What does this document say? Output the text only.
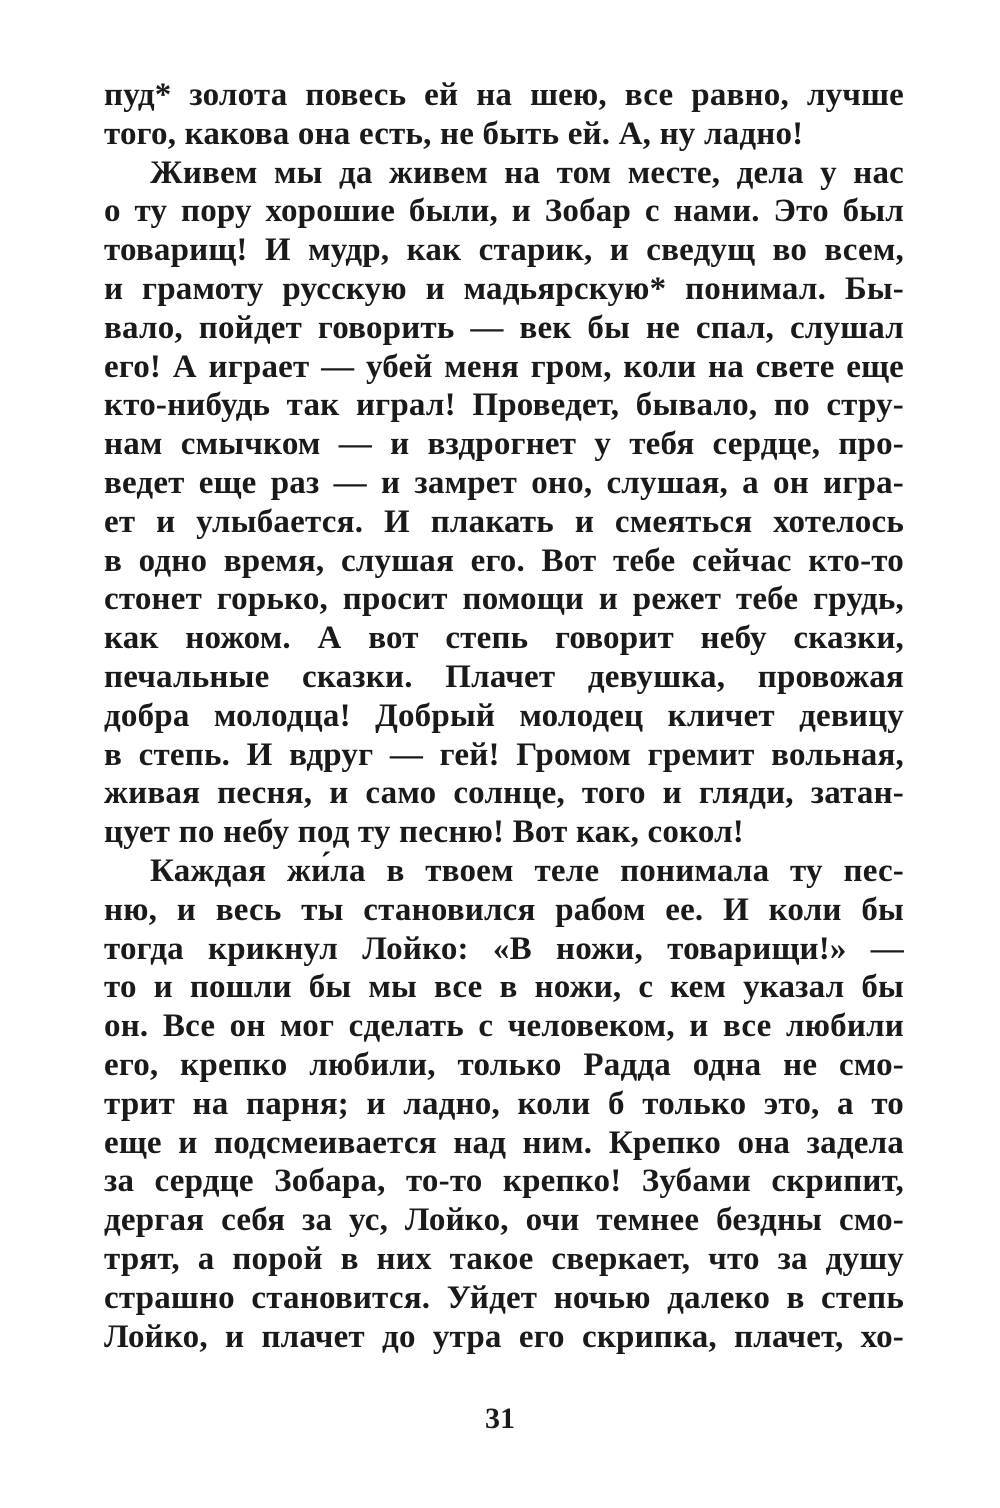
пуд* золота повесь ей на шею, все равно, лучше
того, какова она есть, не быть ей. А, ну ладно!
Живем мы да живем на том месте, дела у нас
о ту пору хорошие были, и Зобар с нами. Это был
товарищ! И мудр, как старик, и сведущ во всем,
и грамоту русскую и мадьярскую* понимал. Бы-
вало, пойдет говорить — век бы не спал, слушал
его! А играет — убей меня гром, коли на свете еще
кто-нибудь так играл! Проведет, бывало, по стру-
нам смычком — и вздрогнет у тебя сердце, про-
ведет еще раз — и замрет оно, слушая, а он игра-
ет и улыбается. И плакать и смеяться хотелось
в одно время, слушая его. Вот тебе сейчас кто-то
стонет горько, просит помощи и режет тебе грудь,
как ножом. А вот степь говорит небу сказки,
печальные сказки. Плачет девушка, провожая
добра молодца! Добрый молодец кличет девицу
в степь. И вдруг — гей! Громом гремит вольная,
живая песня, и само солнце, того и гляди, затан-
цует по небу под ту песню! Вот как, сокол!
Каждая жи́ла в твоем теле понимала ту пес-
ню, и весь ты становился рабом ее. И коли бы
тогда крикнул Лойко: «В ножи, товарищи!» —
то и пошли бы мы все в ножи, с кем указал бы
он. Все он мог сделать с человеком, и все любили
его, крепко любили, только Радда одна не смо-
трит на парня; и ладно, коли б только это, а то
еще и подсмеивается над ним. Крепко она задела
за сердце Зобара, то-то крепко! Зубами скрипит,
дергая себя за ус, Лойко, очи темнее бездны смо-
трят, а порой в них такое сверкает, что за душу
страшно становится. Уйдет ночью далеко в степь
Лойко, и плачет до утра его скрипка, плачет, хо-
31
